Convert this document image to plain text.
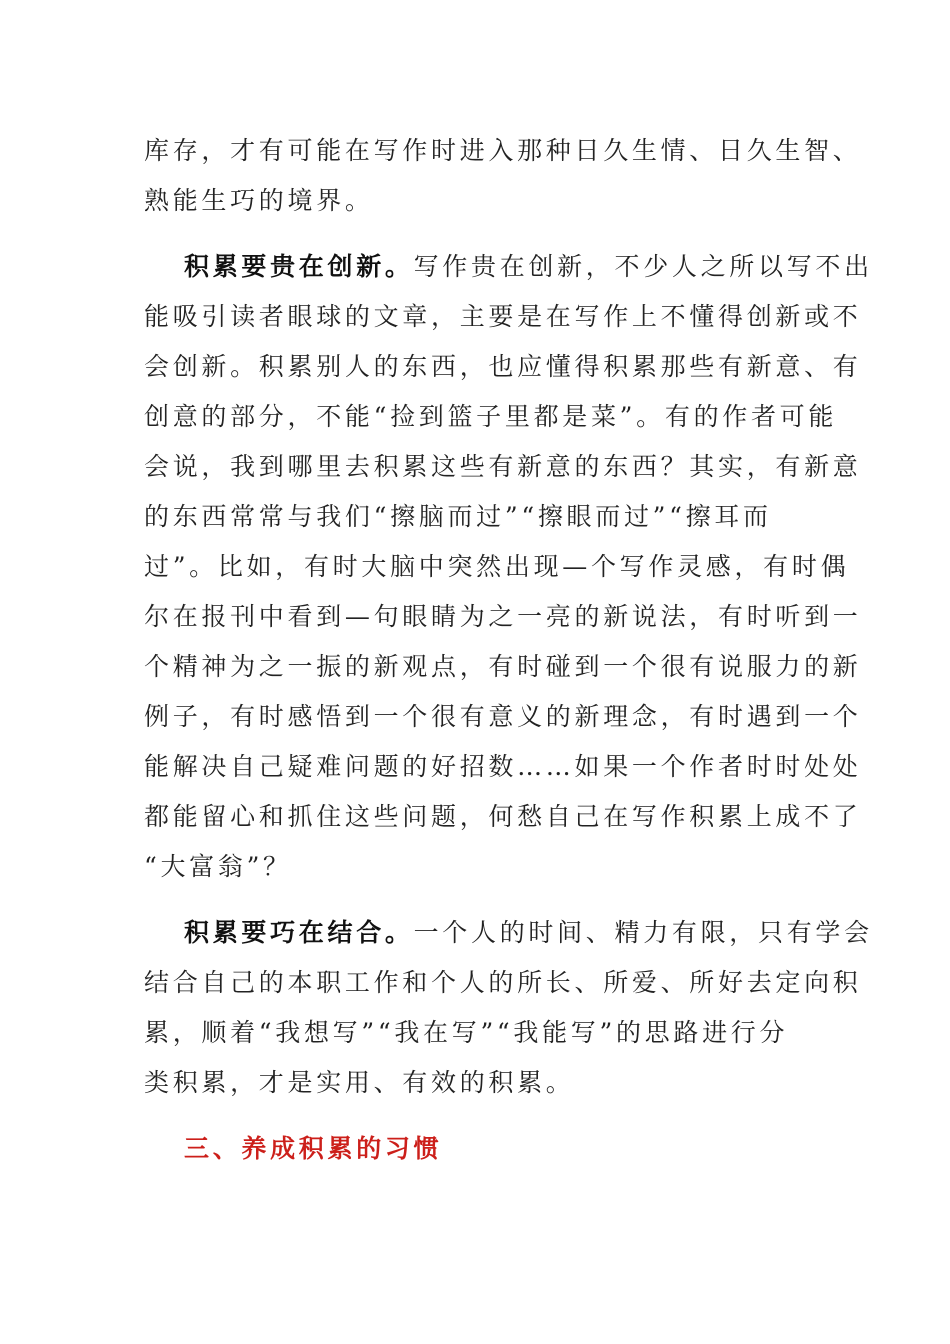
库存，才有可能在写作时进入那种日久生情、日久生智、
熟能生巧的境界。
积累要贵在创新。写作贵在创新，不少人之所以写不出
能吸引读者眼球的文章，主要是在写作上不懂得创新或不
会创新。积累别人的东西，也应懂得积累那些有新意、有
创意的部分，不能“捡到篮子里都是菜”。有的作者可能
会说，我到哪里去积累这些有新意的东西？其实，有新意
的东西常常与我们“擦脑而过”“擦眼而过”“擦耳而
过”。比如，有时大脑中突然出现—个写作灵感，有时偶
尔在报刊中看到—句眼睛为之一亮的新说法，有时听到一
个精神为之一振的新观点，有时碰到一个很有说服力的新
例子，有时感悟到一个很有意义的新理念，有时遇到一个
能解决自己疑难问题的好招数……如果一个作者时时处处
都能留心和抓住这些问题，何愁自己在写作积累上成不了
“大富翁”？
积累要巧在结合。一个人的时间、精力有限，只有学会
结合自己的本职工作和个人的所长、所爱、所好去定向积
累，顺着“我想写”“我在写”“我能写”的思路进行分
类积累，才是实用、有效的积累。
三、养成积累的习惯
